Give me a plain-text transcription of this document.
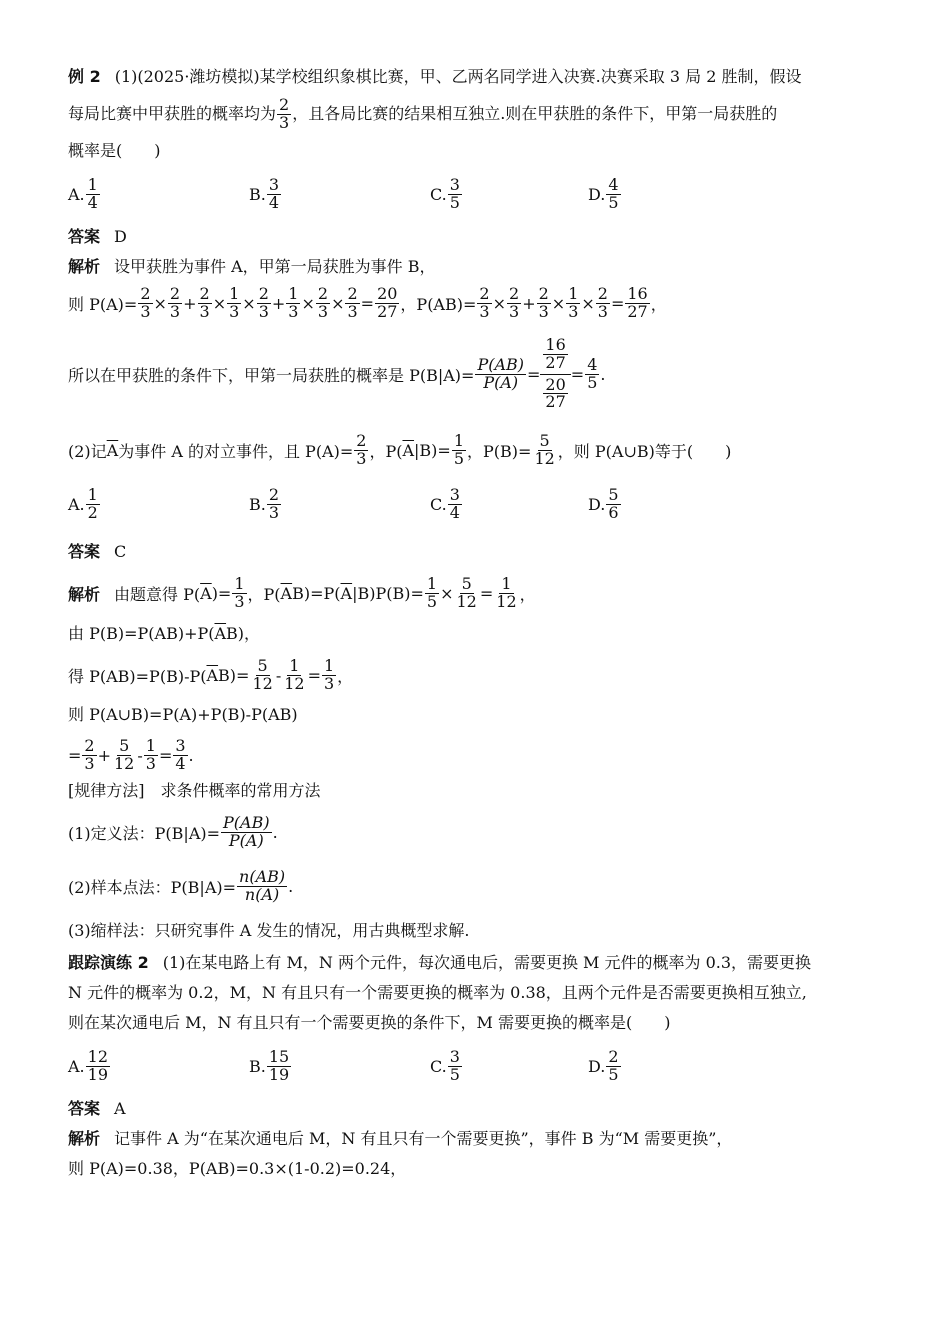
例 2 (1)(2025·潍坊模拟)某学校组织象棋比赛，甲、乙两名同学进入决赛.决赛采取 3 局 2 胜制，假设
每局比赛中甲获胜的概率均为 $\frac{2}{3}$ ，且各局比赛的结果相互独立.则在甲获胜的条件下，甲第一局获胜的
概率是(　　)
A. $\frac{1}{4}$	B. $\frac{3}{4}$	C. $\frac{3}{5}$	D. $\frac{4}{5}$
答案 D
解析 设甲获胜为事件 A，甲第一局获胜为事件 B，
则 $P(A)= \frac{2}{3} \times \frac{2}{3} + \frac{2}{3} \times \frac{1}{3} \times \frac{2}{3} + \frac{1}{3} \times \frac{2}{3} \times \frac{2}{3} = \frac{20}{27}$ ，$P(AB)= \frac{2}{3} \times \frac{2}{3} + \frac{2}{3} \times \frac{1}{3} \times \frac{2}{3} = \frac{16}{27}$ ，
所以在甲获胜的条件下，甲第一局获胜的概率是 $P(B|A)= \frac{P(AB)}{P(A)}$ =
$\frac{16}{27}$
$\frac{20}{27}$
= $\frac{4}{5}$ .
(2)记 $\overline{A}$ 为事件 A 的对立事件，且 $P(A)= \frac{2}{3}$ ，P( $\overline{A}$ $|B)= \frac{1}{5}$ ，$P(B)= \frac{5}{12}$ ，则 P(A∪B)等于(　　)
A. $\frac{1}{2}$	B. $\frac{2}{3}$	C. $\frac{3}{4}$	D. $\frac{5}{6}$
答案 C
解析 由题意得 P( $\overline{A}$ )= $\frac{1}{3}$ ，P( $\overline{A}$ B)=P( $\overline{A}$ $|B)P(B)= \frac{1}{5} \times \frac{5}{12} = \frac{1}{12}$ ，
由 $P(B)=P(AB)+P(\overline{A}B)$，
得 P(AB)=P(B)-P( $\overline{A}$ $B)= \frac{5}{12} - \frac{1}{12} = \frac{1}{3}$ ，
则 P(A∪B)=P(A)+P(B)-P(AB)
= $\frac{2}{3} + \frac{5}{12} - \frac{1}{3} = \frac{3}{4}$ .
[规律方法]　求条件概率的常用方法
(1)定义法：$P(B|A)= \frac{P(AB)}{P(A)}$ .
(2)样本点法：$P(B|A)= \frac{n(AB)}{n(A)}$ .
(3)缩样法：只研究事件 A 发生的情况，用古典概型求解.
跟踪演练 2 (1)在某电路上有 M，N 两个元件，每次通电后，需要更换 M 元件的概率为 0.3，需要更换
N 元件的概率为 0.2，M，N 有且只有一个需要更换的概率为 0.38，且两个元件是否需要更换相互独立,
则在某次通电后 M，N 有且只有一个需要更换的条件下，M 需要更换的概率是(　　)
A. $\frac{12}{19}$	B. $\frac{15}{19}$	C. $\frac{3}{5}$	D. $\frac{2}{5}$
答案 A
解析 记事件 A 为“在某次通电后 M，N 有且只有一个需要更换”，事件 B 为“M 需要更换”，
则 P(A)=0.38，P(AB)=0.3×(1-0.2)=0.24，
